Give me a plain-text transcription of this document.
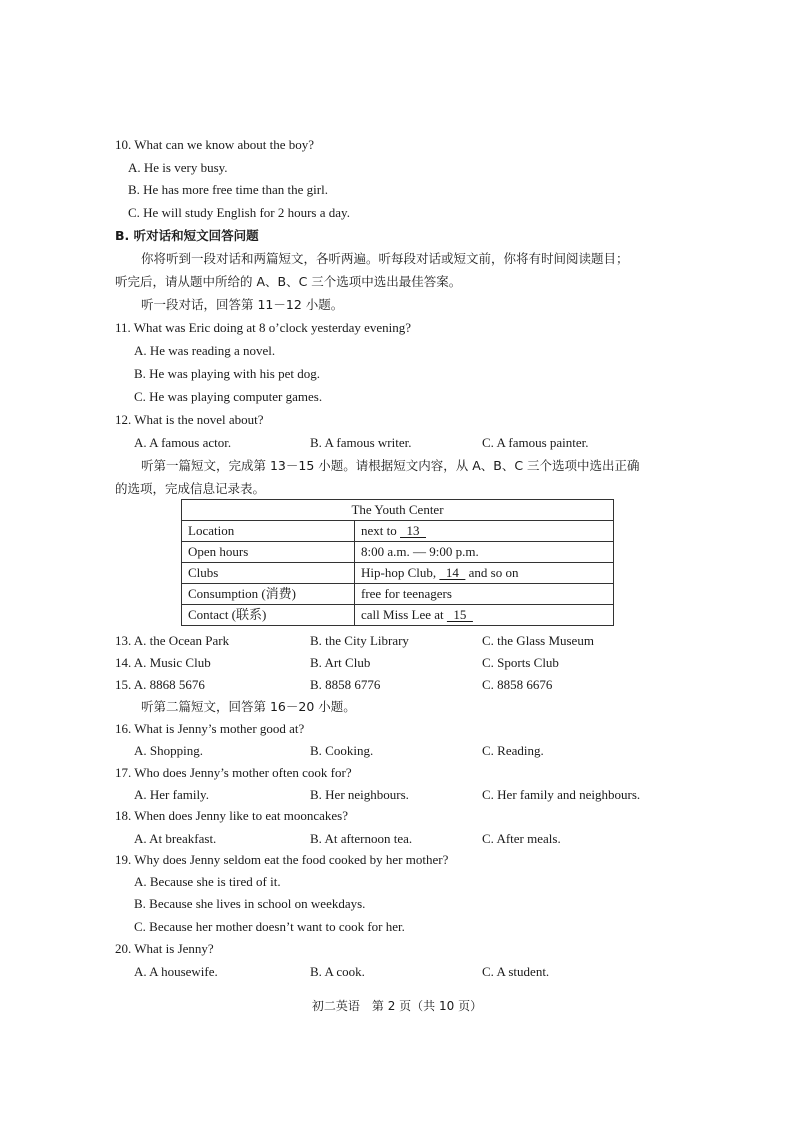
10. What can we know about the boy?
A. He is very busy.
B. He has more free time than the girl.
C. He will study English for 2 hours a day.
B. 听对话和短文回答问题
你将听到一段对话和两篇短文，各听两遍。听每段对话或短文前，你将有时间阅读题目；
听完后，请从题中所给的 A、B、C 三个选项中选出最佳答案。
听一段对话，回答第 11－12 小题。
11. What was Eric doing at 8 o’clock yesterday evening?
A. He was reading a novel.
B. He was playing with his pet dog.
C. He was playing computer games.
12. What is the novel about?
A. A famous actor.	B. A famous writer.	C. A famous painter.
听第一篇短文，完成第 13－15 小题。请根据短文内容，从 A、B、C 三个选项中选出正确
的选项，完成信息记录表。
The Youth Center	
Location	next to   13
Open hours	8:00 a.m. — 9:00 p.m.
Clubs	Hip-hop Club,   14   and so on
Consumption (消费)	free for teenagers
Contact (联系)	call Miss Lee at   15
13. A. the Ocean Park	B. the City Library	C. the Glass Museum
14. A. Music Club	B. Art Club	C. Sports Club
15. A. 8868 5676	B. 8858 6776	C. 8858 6676
听第二篇短文，回答第 16－20 小题。
16. What is Jenny’s mother good at?
A. Shopping.	B. Cooking.	C. Reading.
17. Who does Jenny’s mother often cook for?
A. Her family.	B. Her neighbours.	C. Her family and neighbours.
18. When does Jenny like to eat mooncakes?
A. At breakfast.	B. At afternoon tea.	C. After meals.
19. Why does Jenny seldom eat the food cooked by her mother?
A. Because she is tired of it.
B. Because she lives in school on weekdays.
C. Because her mother doesn’t want to cook for her.
20. What is Jenny?
A. A housewife.	B. A cook.	C. A student.
初二英语　第 2 页（共 10 页）
